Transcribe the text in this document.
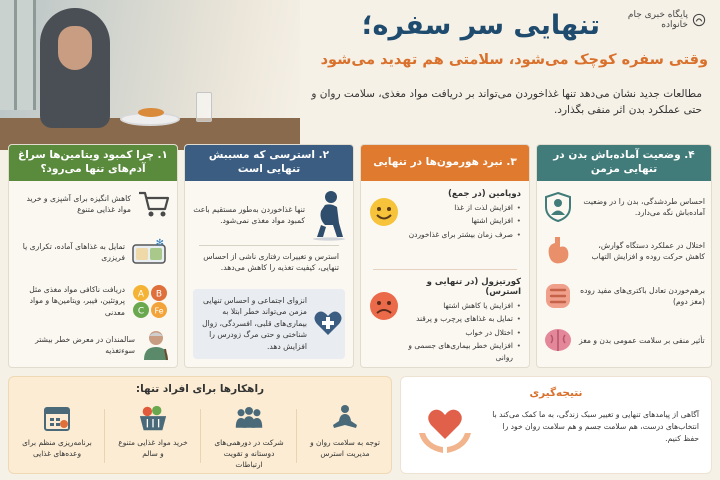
پایگاه خبری جام خانواده
تنهایی سر سفره؛
وقتی سفره کوچک می‌شود، سلامتی هم تهدید می‌شود
مطالعات جدید نشان می‌دهد تنها غذاخوردن می‌تواند بر دریافت مواد مغذی، سلامت روان و حتی عملکرد بدن اثر منفی بگذارد.
۱. چرا کمبود ویتامین‌ها سراغ آدم‌های تنها می‌رود؟
کاهش انگیزه برای آشپزی و خرید مواد غذایی متنوع
تمایل به غذاهای آماده، تکراری یا فریزری
✻
دریافت ناکافی مواد مغذی مثل پروتئین، فیبر، ویتامین‌ها و مواد معدنی
A B
C Fe
سالمندان در معرض خطر بیشتر سوءتغذیه
۲. استرسی که مسببش تنهایی است
تنها غذاخوردن به‌طور مستقیم باعث کمبود مواد مغذی نمی‌شود.
استرس و تغییرات رفتاری ناشی از احساس تنهایی، کیفیت تغذیه را کاهش می‌دهد.
انزوای اجتماعی و احساس تنهایی مزمن می‌تواند خطر ابتلا به بیماری‌های قلبی، افسردگی، زوال شناختی و حتی مرگ زودرس را افزایش دهد.
۳. نبرد هورمون‌ها در تنهایی
دوپامین (در جمع)
• افزایش لذت از غذا
• افزایش اشتها
• صرف زمان بیشتر برای غذاخوردن
کورتیزول (در تنهایی و استرس)
• افزایش یا کاهش اشتها
• تمایل به غذاهای پرچرب و پرقند
• اختلال در خواب
• افزایش خطر بیماری‌های جسمی و روانی
۴. وضعیت آماده‌باش بدن در تنهایی مزمن
احساس طردشدگی، بدن را در وضعیت آماده‌باش نگه می‌دارد.
اختلال در عملکرد دستگاه گوارش، کاهش حرکت روده و افزایش التهاب
برهم‌خوردن تعادل باکتری‌های مفید روده (مغز دوم)
تأثیر منفی بر سلامت عمومی بدن و مغز
راهکارها برای افراد تنها:
توجه به سلامت روان و مدیریت استرس
شرکت در دورهمی‌های دوستانه و تقویت ارتباطات
خرید مواد غذایی متنوع و سالم
برنامه‌ریزی منظم برای وعده‌های غذایی
نتیجه‌گیری
آگاهی از پیامدهای تنهایی و تغییر سبک زندگی، به ما کمک می‌کند با انتخاب‌های درست، هم سلامت جسم و هم سلامت روان خود را حفظ کنیم.
